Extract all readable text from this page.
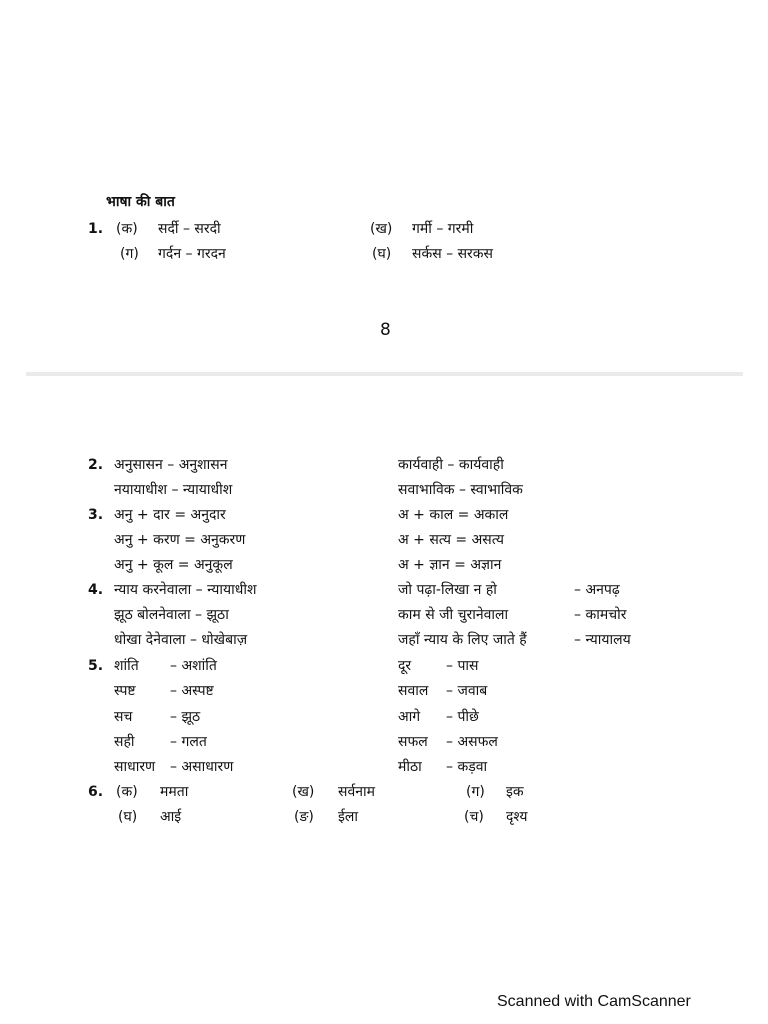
भाषा की बात
1. (क) सर्दी – सरदी	(ख) गर्मी – गरमी
(ग) गर्दन – गरदन	(घ) सर्कस – सरकस
8
2. अनुसासन – अनुशासन	कार्यवाही – कार्यवाही
नयायाधीश – न्यायाधीश	सवाभाविक – स्वाभाविक
3. अनु + दार = अनुदार	अ + काल = अकाल
अनु + करण = अनुकरण	अ + सत्य = असत्य
अनु + कूल = अनुकूल	अ + ज्ञान = अज्ञान
4. न्याय करनेवाला – न्यायाधीश	जो पढ़ा-लिखा न हो	– अनपढ़
झूठ बोलनेवाला – झूठा	काम से जी चुरानेवाला	– कामचोर
धोखा देनेवाला – धोखेबाज़	जहाँ न्याय के लिए जाते हैं	– न्यायालय
5. शांति – अशांति	दूर – पास
स्पष्ट – अस्पष्ट	सवाल – जवाब
सच	– झूठ	आगे – पीछे
सही	– गलत	सफल – असफल
साधारण – असाधारण	मीठा – कड़वा
6. (क) ममता	(ख) सर्वनाम	(ग) इक
(घ) आई	(ङ) ईला	(च) दृश्य
Scanned with CamScanner
